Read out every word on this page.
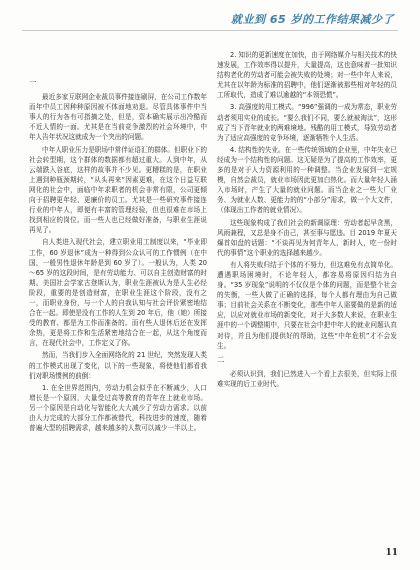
就业到 65 岁的工作结果减少了

一

最近多家互联网企业裁员事件接连刷屏，在公司工作数年而年中员工因种种原因被不体面地劝退。尽管具体事件中当事人的行为各有可指摘之处，但是，资本确实展示出冷酷而不近人情的一面。尤其是在当前竞争激烈的社会环境中，中年人告年状况这就成为一个突出的问题。

中年人职业压力是职场中常伴证语汇的群体。但职业下的社会转型期，这个群体的数据都有超过重大。人到中年，从云端跌入谷底，这样的故事并不少见。更糟糕的是，在职业上遇到种瓶颈期转，“从头再来”因素更难，在这个日益互联网化的社会中，面临中年求职者的机会非常有限，公司更倾向于招聘更年轻、更廉价的员工。尤其是一些研究事件接连行业的中年人，即便有丰富的管理经验，但也很难在市场上找到相应的岗位。而一些人也已经做好准备，与职业生涯说再见了。

自人类进入现代社会，建立职业用工制度以来，“毕业即工作，60 岁退休”成为一种得到公众认可的工作惯例（在中国，一般男性退休年龄是到 60 岁了）。一般认为，人类 20～65 岁的这段时间，是有劳动能力、可以自主创造财富的时期。美国社会学家古登斯认为，职业生涯被认为是人生必经阶段，重要的是创造财富，在职业生涯这个阶段，没有之一，而职业身份，与一个人的自我认知与社会评价紧密地结合在一起。即使是没有工作的人生到 20 年后，他（她）所接受的教育、都是为工作而准备的。而有些人退休后还在发挥余热，更是将工作和生活紧密地结合在一起，从这个角度而言，在现代社会中，工作定义了你。

然而，当我们步入全面网络化的 21 世纪，突然发现人类的工作模式出现了变化，以下的一些现象，将使他们都看我们对职场惯例的前倒：

1. 在全世界范围内，劳动力机会似乎在不断减少，人口增长是一个原因，大量受过高等教育的青年在上就业市场。另一个原因是自动化与智能化大大减少了劳动力需求。以前由人力完成的大部分工作都被替代，科技进步的速度，随着普遍大型的招聘需求，越来越多的人数可以减少一半以上。

2. 知识的更新速度在加快，由于网络媒介与相关技术的快速发展，工作效率得以提升，大量提高，这也意味着一批知识结构老化的劳动者可能会被失败的处境；对一些中年人来说，尤其在以年龄为标准的招聘中，他们逐渐被那些相对年轻的员工所取代，造成了难以逾越的“本领恐慌”。

3. 高强度的用工模式。“996”强调的一成为常态，职业劳动者须用实业的成长。“要么我们不同，要么就被淘汰”，这形成了当下青年就业的两难境地。残酷的用工模式，导致劳动者为了适应高强度的竞争环境，逐渐牺牲个人生活。

4. 结构性的失业。在一些传统领域的企业里，中年失业已经成为一个结构性的问题。这无疑是为了提高的工作效率，更多的是对于人力资源利用的一种调整。当企业发展到一定规模，自然会裁员，就业市场因此更加白热化。而大量年轻人涌入市场时，产生了大量的就业问题。而当企业之一些大厂业务、为就业人数、更能力的的“小部分”需求，做一个大文件，（体现出工作者的就业情况）。

这些现象构成了我们社会的新调原理：劳动者起早贪黑，风雨兼程，又总是身不由己，甚至事与愿违。目 2019 年夏天爆首如盘的话题：“不谈再见为何青年人，新时人，吃一份时代的事情”这个职业的选择越来越少。

有人将失败归结于个体的不努力，但这难免有点简单化。遭遇职场困境时，不论年轻人，都容易将原因归结为自身。“35 岁现象”说明的不仅仅是个体的问题，而是整个社会的失衡，一些人做了正确的选择，每个人都有理由为自己做事；目前社会关系在不断变化，那些中年人需要做的是新的适应，以应对就业市场的新变化，对于大多数人来说，在职业生涯中的一个调整期中，只要在社会中把中年人的就业问题认真对待，并且为他们提供好的帮助，这些“中年危机”才不会发生。

二

必须认识到，我们已然进入一个看上去很美，但实际上很难实现的后工业时代。

11
